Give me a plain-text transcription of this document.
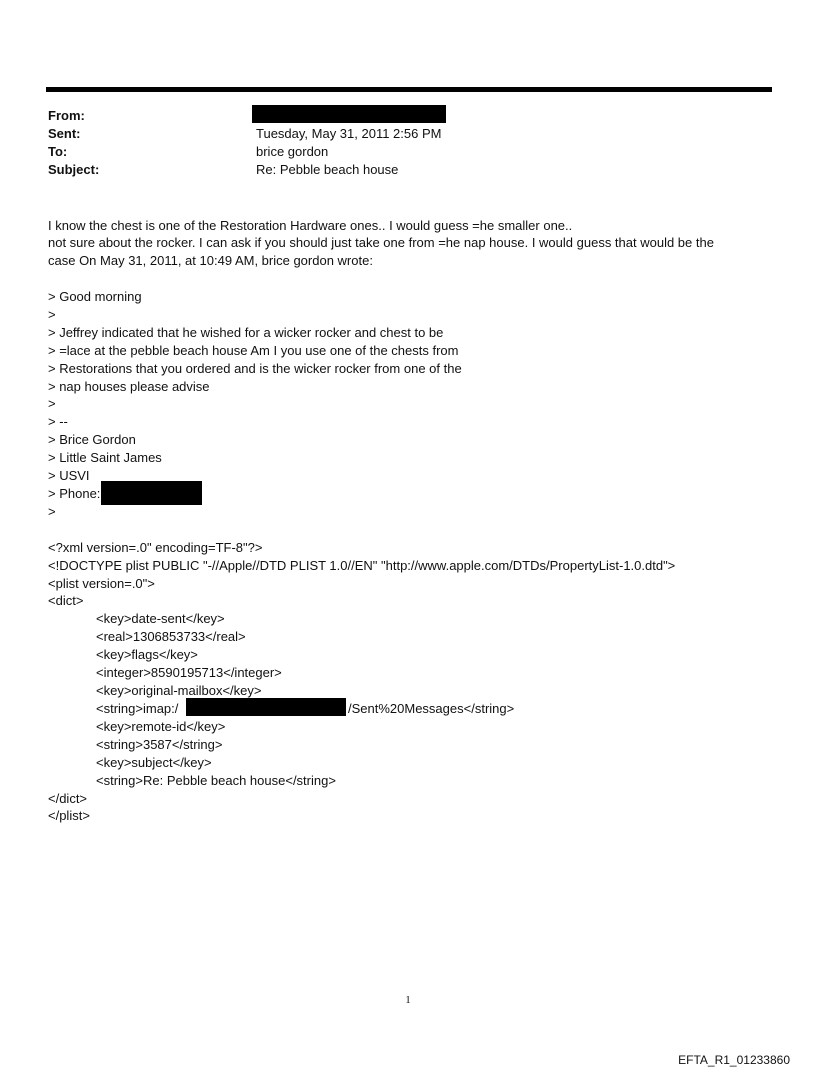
From:
Sent:	Tuesday, May 31, 2011 2:56 PM
To:	brice gordon
Subject:	Re: Pebble beach house
I know the chest is one of the Restoration Hardware ones.. I would guess =he smaller one..
not sure about the rocker. I can ask if you should just take one from =he nap house. I would guess that would be the
case On May 31, 2011, at 10:49 AM, brice gordon wrote:
> Good morning
>
> Jeffrey indicated that he wished for a wicker rocker and chest to be
> =lace at the pebble beach house Am I you use one of the chests from
> Restorations that you ordered and is the wicker rocker from one of the
> nap houses please advise
>
> --
> Brice Gordon
> Little Saint James
> USVI
> Phone:
>
<?xml version=.0" encoding=TF-8"?>
<!DOCTYPE plist PUBLIC "-//Apple//DTD PLIST 1.0//EN" "http://www.apple.com/DTDs/PropertyList-1.0.dtd">
<plist version=.0">
<dict>
<key>date-sent</key>
<real>1306853733</real>
<key>flags</key>
<integer>8590195713</integer>
<key>original-mailbox</key>
<string>imap:/	/Sent%20Messages</string>
<key>remote-id</key>
<string>3587</string>
<key>subject</key>
<string>Re: Pebble beach house</string>
</dict>
</plist>
1
EFTA_R1_01233860
